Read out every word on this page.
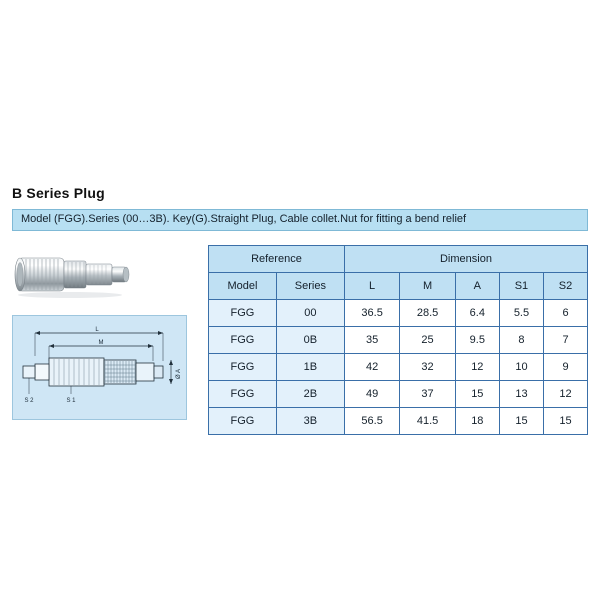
B Series Plug
Model (FGG).Series (00…3B). Key(G).Straight Plug, Cable collet.Nut for fitting a bend relief
L
M
Ø A
S 2	S 1
Reference		Dimension				
Model	Series	L	M	A	S1	S2
FGG	00	36.5	28.5	6.4	5.5	6
FGG	0B	35	25	9.5	8	7
FGG	1B	42	32	12	10	9
FGG	2B	49	37	15	13	12
FGG	3B	56.5	41.5	18	15	15
